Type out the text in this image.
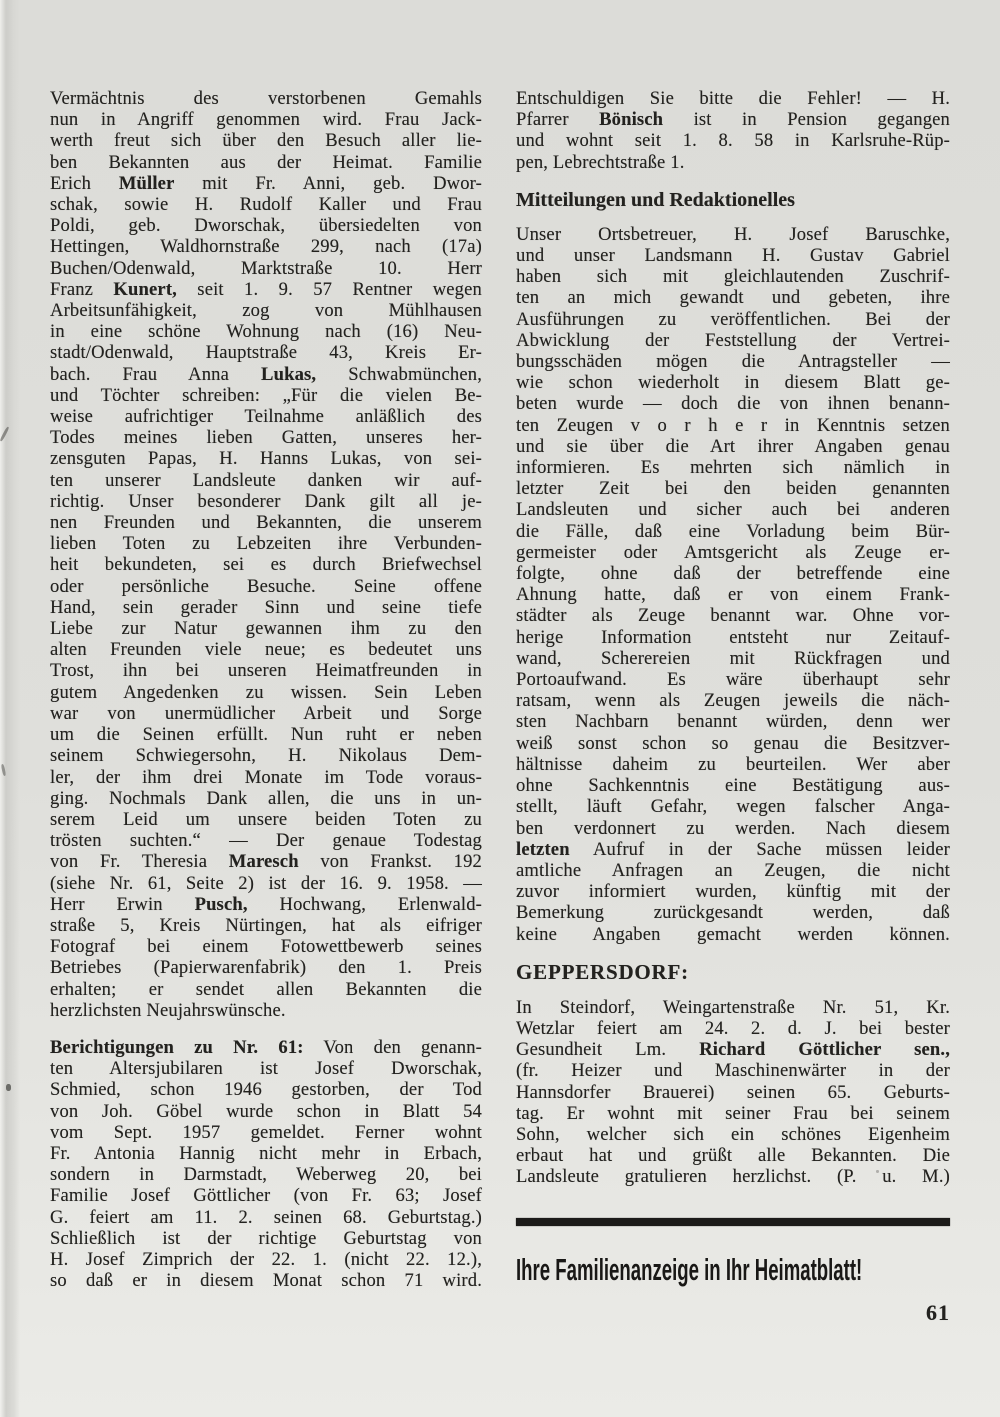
Vermächtnis des verstorbenen Gemahls
nun in Angriff genommen wird. Frau Jack-
werth freut sich über den Besuch aller lie-
ben Bekannten aus der Heimat. Familie
Erich Müller mit Fr. Anni, geb. Dwor-
schak, sowie H. Rudolf Kaller und Frau
Poldi, geb. Dworschak, übersiedelten von
Hettingen, Waldhornstraße 299, nach (17a)
Buchen/Odenwald, Marktstraße 10. Herr
Franz Kunert, seit 1. 9. 57 Rentner wegen
Arbeitsunfähigkeit, zog von Mühlhausen
in eine schöne Wohnung nach (16) Neu-
stadt/Odenwald, Hauptstraße 43, Kreis Er-
bach. Frau Anna Lukas, Schwabmünchen,
und Töchter schreiben: „Für die vielen Be-
weise aufrichtiger Teilnahme anläßlich des
Todes meines lieben Gatten, unseres her-
zensguten Papas, H. Hanns Lukas, von sei-
ten unserer Landsleute danken wir auf-
richtig. Unser besonderer Dank gilt all je-
nen Freunden und Bekannten, die unserem
lieben Toten zu Lebzeiten ihre Verbunden-
heit bekundeten, sei es durch Briefwechsel
oder persönliche Besuche. Seine offene
Hand, sein gerader Sinn und seine tiefe
Liebe zur Natur gewannen ihm zu den
alten Freunden viele neue; es bedeutet uns
Trost, ihn bei unseren Heimatfreunden in
gutem Angedenken zu wissen. Sein Leben
war von unermüdlicher Arbeit und Sorge
um die Seinen erfüllt. Nun ruht er neben
seinem Schwiegersohn, H. Nikolaus Dem-
ler, der ihm drei Monate im Tode voraus-
ging. Nochmals Dank allen, die uns in un-
serem Leid um unsere beiden Toten zu
trösten suchten.“ — Der genaue Todestag
von Fr. Theresia Maresch von Frankst. 192
(siehe Nr. 61, Seite 2) ist der 16. 9. 1958. —
Herr Erwin Pusch, Hochwang, Erlenwald-
straße 5, Kreis Nürtingen, hat als eifriger
Fotograf bei einem Fotowettbewerb seines
Betriebes (Papierwarenfabrik) den 1. Preis
erhalten; er sendet allen Bekannten die
herzlichsten Neujahrswünsche.
Berichtigungen zu Nr. 61: Von den genann-
ten Altersjubilaren ist Josef Dworschak,
Schmied, schon 1946 gestorben, der Tod
von Joh. Göbel wurde schon in Blatt 54
vom Sept. 1957 gemeldet. Ferner wohnt
Fr. Antonia Hannig nicht mehr in Erbach,
sondern in Darmstadt, Weberweg 20, bei
Familie Josef Göttlicher (von Fr. 63; Josef
G. feiert am 11. 2. seinen 68. Geburtstag.)
Schließlich ist der richtige Geburtstag von
H. Josef Zimprich der 22. 1. (nicht 22. 12.),
so daß er in diesem Monat schon 71 wird.
Entschuldigen Sie bitte die Fehler! — H.
Pfarrer Bönisch ist in Pension gegangen
und wohnt seit 1. 8. 58 in Karlsruhe-Rüp-
pen, Lebrechtstraße 1.
Mitteilungen und Redaktionelles
Unser Ortsbetreuer, H. Josef Baruschke,
und unser Landsmann H. Gustav Gabriel
haben sich mit gleichlautenden Zuschrif-
ten an mich gewandt und gebeten, ihre
Ausführungen zu veröffentlichen. Bei der
Abwicklung der Feststellung der Vertrei-
bungsschäden mögen die Antragsteller —
wie schon wiederholt in diesem Blatt ge-
beten wurde — doch die von ihnen benann-
ten Zeugen v o r h e r in Kenntnis setzen
und sie über die Art ihrer Angaben genau
informieren. Es mehrten sich nämlich in
letzter Zeit bei den beiden genannten
Landsleuten und sicher auch bei anderen
die Fälle, daß eine Vorladung beim Bür-
germeister oder Amtsgericht als Zeuge er-
folgte, ohne daß der betreffende eine
Ahnung hatte, daß er von einem Frank-
städter als Zeuge benannt war. Ohne vor-
herige Information entsteht nur Zeitauf-
wand, Scherereien mit Rückfragen und
Portoaufwand. Es wäre überhaupt sehr
ratsam, wenn als Zeugen jeweils die näch-
sten Nachbarn benannt würden, denn wer
weiß sonst schon so genau die Besitzver-
hältnisse daheim zu beurteilen. Wer aber
ohne Sachkenntnis eine Bestätigung aus-
stellt, läuft Gefahr, wegen falscher Anga-
ben verdonnert zu werden. Nach diesem
letzten Aufruf in der Sache müssen leider
amtliche Anfragen an Zeugen, die nicht
zuvor informiert wurden, künftig mit der
Bemerkung zurückgesandt werden, daß
keine Angaben gemacht werden können.
GEPPERSDORF:
In Steindorf, Weingartenstraße Nr. 51, Kr.
Wetzlar feiert am 24. 2. d. J. bei bester
Gesundheit Lm. Richard Göttlicher sen.,
(fr. Heizer und Maschinenwärter in der
Hannsdorfer Brauerei) seinen 65. Geburts-
tag. Er wohnt mit seiner Frau bei seinem
Sohn, welcher sich ein schönes Eigenheim
erbaut hat und grüßt alle Bekannten. Die
Landsleute gratulieren herzlichst. (P. u. M.)
Ihre Familienanzeige in Ihr Heimatblatt!
61
